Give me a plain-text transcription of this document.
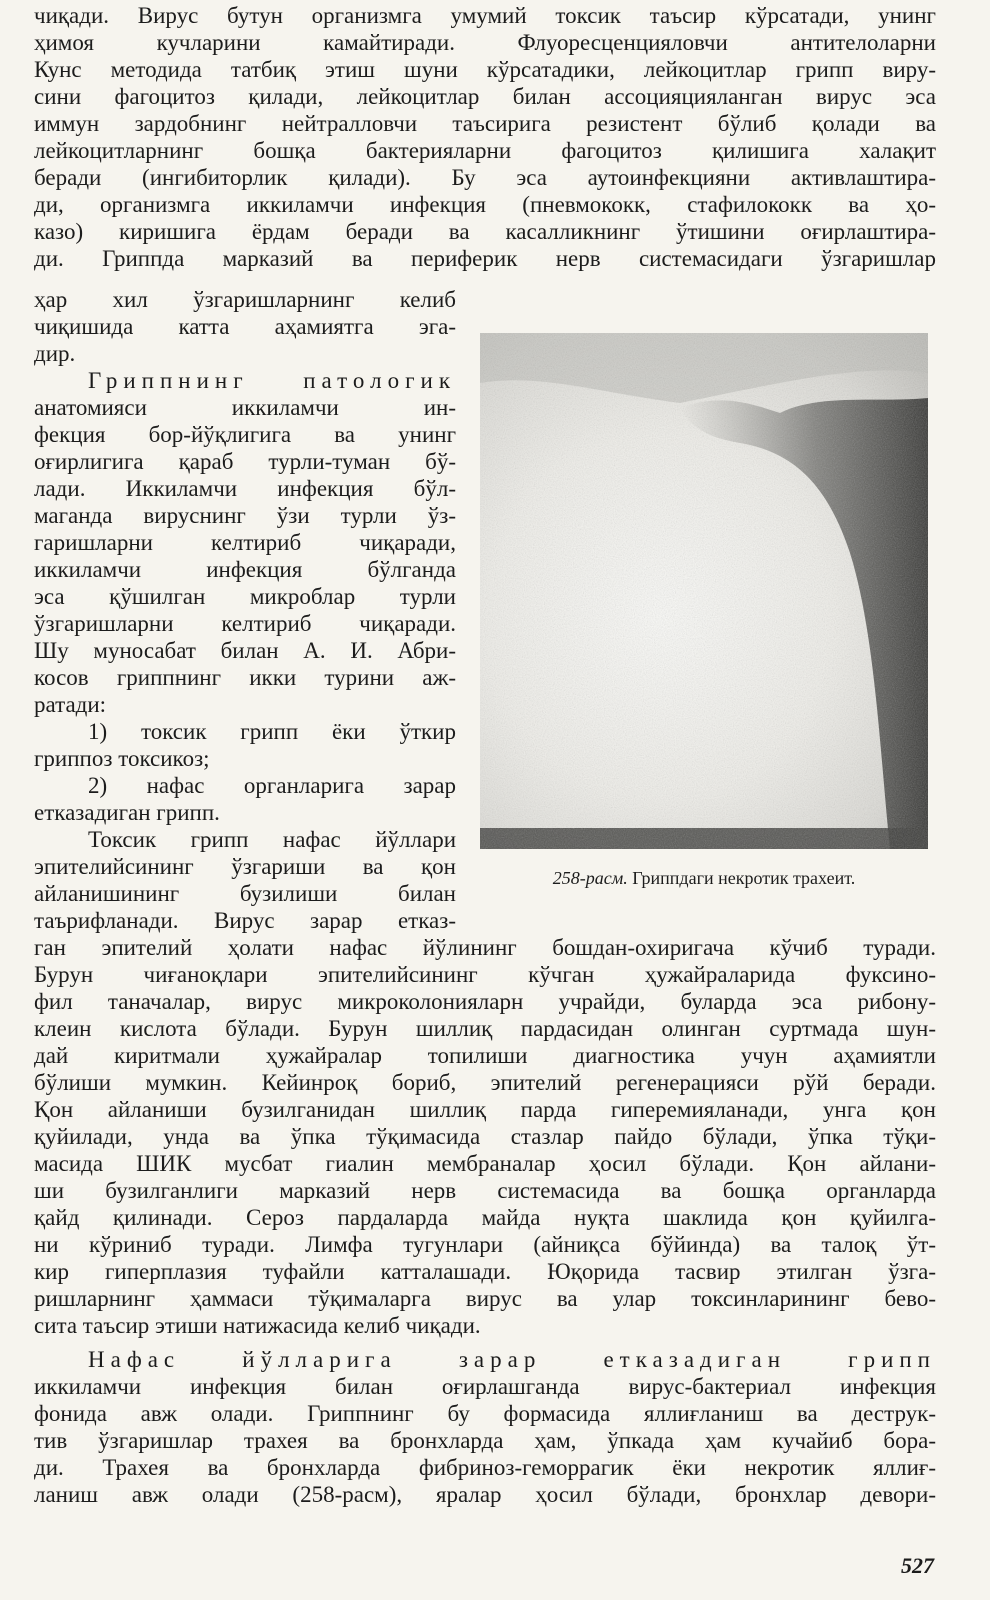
чиқади. Вирус бутун организмга умумий токсик таъсир кўрсатади, унинг
ҳимоя кучларини камайтиради. Флуоресценцияловчи антителоларни
Кунс методида татбиқ этиш шуни кўрсатадики, лейкоцитлар грипп виру-
сини фагоцитоз қилади, лейкоцитлар билан ассоцияцияланган вирус эса
иммун зардобнинг нейтралловчи таъсирига резистент бўлиб қолади ва
лейкоцитларнинг бошқа бактерияларни фагоцитоз қилишига халақит
беради (ингибиторлик қилади). Бу эса аутоинфекцияни активлаштира-
ди, организмга иккиламчи инфекция (пневмококк, стафилококк ва ҳо-
казо) киришига ёрдам беради ва касалликнинг ўтишини оғирлаштира-
ди. Гриппда марказий ва периферик нерв системасидаги ўзгаришлар
ҳар хил ўзгаришларнинг келиб
чиқишида катта аҳамиятга эга-
дир.
Гриппнинг патологик
анатомияси иккиламчи ин-
фекция бор-йўқлигига ва унинг
оғирлигига қараб турли-туман бў-
лади. Иккиламчи инфекция бўл-
маганда вируснинг ўзи турли ўз-
гаришларни келтириб чиқаради,
иккиламчи инфекция бўлганда
эса қўшилган микроблар турли
ўзгаришларни келтириб чиқаради.
Шу муносабат билан А. И. Абри-
косов гриппнинг икки турини аж-
ратади:
1) токсик грипп ёки ўткир
гриппоз токсикоз;
2) нафас органларига зарар
етказадиган грипп.
Токсик грипп нафас йўллари
эпителийсининг ўзгариши ва қон
айланишининг бузилиши билан
таърифланади. Вирус зарар етказ-
258-расм. Гриппдаги некротик трахеит.
ган эпителий ҳолати нафас йўлининг бошдан-охиригача кўчиб туради.
Бурун чиғаноқлари эпителийсининг кўчган ҳужайраларида фуксино-
фил таначалар, вирус микроколонияларн учрайди, буларда эса рибону-
клеин кислота бўлади. Бурун шиллиқ пардасидан олинган суртмада шун-
дай киритмали ҳужайралар топилиши диагностика учун аҳамиятли
бўлиши мумкин. Кейинроқ бориб, эпителий регенерацияси рўй беради.
Қон айланиши бузилганидан шиллиқ парда гиперемияланади, унга қон
қуйилади, унда ва ўпка тўқимасида стазлар пайдо бўлади, ўпка тўқи-
масида ШИК мусбат гиалин мембраналар ҳосил бўлади. Қон айлани-
ши бузилганлиги марказий нерв системасида ва бошқа органларда
қайд қилинади. Сероз пардаларда майда нуқта шаклида қон қуйилга-
ни кўриниб туради. Лимфа тугунлари (айниқса бўйинда) ва талоқ ўт-
кир гиперплазия туфайли катталашади. Юқорида тасвир этилган ўзга-
ришларнинг ҳаммаси тўқималарга вирус ва улар токсинларининг бево-
сита таъсир этиши натижасида келиб чиқади.
Нафас йўлларига зарар етказадиган грипп
иккиламчи инфекция билан оғирлашганда вирус-бактериал инфекция
фонида авж олади. Гриппнинг бу формасида яллиғланиш ва деструк-
тив ўзгаришлар трахея ва бронхларда ҳам, ўпкада ҳам кучайиб бора-
ди. Трахея ва бронхларда фибриноз-геморрагик ёки некротик яллиғ-
ланиш авж олади (258-расм), яралар ҳосил бўлади, бронхлар девори-
527
